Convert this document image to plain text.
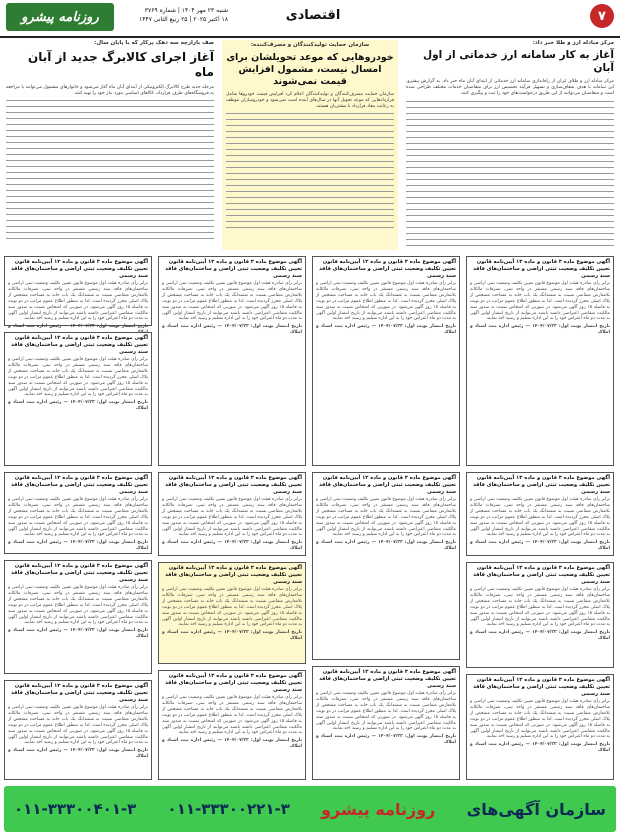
۷
اقتصادی
شنبه ۲۳ مهر ۱۴۰۴ | شماره ۳۷۶۹
۱۸ اکتبر ۲۰۲۵ | ۲۵ ربیع الثانی ۱۴۴۷
روزنامه پیشرو
مرکز مبادله ارز و طلا خبر داد:
آغاز به کار سامانه ارز خدماتی از اول آبان
مرکز مبادله ارز و طلای ایران از راه‌اندازی سامانه ارز خدماتی از ابتدای آبان ماه خبر داد. به گزارش پیشرو، این سامانه با هدف شفاف‌سازی و تسهیل فرآیند تخصیص ارز برای متقاضیان خدمات مختلف طراحی شده است و متقاضیان می‌توانند از این طریق درخواست‌های خود را ثبت و پیگیری کنند.
سازمان حمایت تولیدکنندگان و مصرف‌کننده:
خودروهایی که موعد تحویلشان برای امسال نیست، مشمول افزایش قیمت نمی‌شوند
سازمان حمایت مصرف‌کنندگان و تولیدکنندگان اعلام کرد افزایش قیمت خودروها شامل قراردادهایی که موعد تحویل آنها در سال‌های آینده است نمی‌شود و خودروسازان موظف به رعایت مفاد قرارداد با مشتریان هستند.
صف بازارچه سه دهک پرکار که با پایان سال:
آغاز اجرای کالابرگ جدید از آبان ماه
مرحله جدید طرح کالابرگ الکترونیکی از ابتدای آبان ماه آغاز می‌شود و خانوارهای مشمول می‌توانند با مراجعه به فروشگاه‌های طرف قرارداد، کالاهای اساسی مورد نیاز خود را تهیه کنند.
آگهی موضوع ماده ۳ قانون و ماده ۱۳ آیین‌نامه قانون تعیین تکلیف وضعیت ثبتی اراضی و ساختمان‌های فاقد سند رسمی
برابر رأی صادره هیئت اول موضوع قانون تعیین تکلیف وضعیت ثبتی اراضی و ساختمان‌های فاقد سند رسمی مستقر در واحد ثبتی، تصرفات مالکانه بلامعارض متقاضی نسبت به ششدانگ یک باب خانه به مساحت مشخص از پلاک اصلی محرز گردیده است. لذا به منظور اطلاع عموم مراتب در دو نوبت به فاصله ۱۵ روز آگهی می‌شود. در صورتی که اشخاص نسبت به صدور سند مالکیت متقاضی اعتراضی داشته باشند می‌توانند از تاریخ انتشار اولین آگهی به مدت دو ماه اعتراض خود را به این اداره تسلیم و رسید اخذ نمایند.
تاریخ انتشار نوبت اول: ۱۴۰۴/۰۷/۲۳ — رئیس اداره ثبت اسناد و املاک
آگهی موضوع ماده ۳ قانون و ماده ۱۳ آیین‌نامه قانون تعیین تکلیف وضعیت ثبتی اراضی و ساختمان‌های فاقد سند رسمی
برابر رأی صادره هیئت اول موضوع قانون تعیین تکلیف وضعیت ثبتی اراضی و ساختمان‌های فاقد سند رسمی مستقر در واحد ثبتی، تصرفات مالکانه بلامعارض متقاضی نسبت به ششدانگ یک باب خانه به مساحت مشخص از پلاک اصلی محرز گردیده است. لذا به منظور اطلاع عموم مراتب در دو نوبت به فاصله ۱۵ روز آگهی می‌شود. در صورتی که اشخاص نسبت به صدور سند مالکیت متقاضی اعتراضی داشته باشند می‌توانند از تاریخ انتشار اولین آگهی به مدت دو ماه اعتراض خود را به این اداره تسلیم و رسید اخذ نمایند.
تاریخ انتشار نوبت اول: ۱۴۰۴/۰۷/۲۳ — رئیس اداره ثبت اسناد و املاک
آگهی موضوع ماده ۳ قانون و ماده ۱۳ آیین‌نامه قانون تعیین تکلیف وضعیت ثبتی اراضی و ساختمان‌های فاقد سند رسمی
برابر رأی صادره هیئت اول موضوع قانون تعیین تکلیف وضعیت ثبتی اراضی و ساختمان‌های فاقد سند رسمی مستقر در واحد ثبتی، تصرفات مالکانه بلامعارض متقاضی نسبت به ششدانگ یک باب خانه به مساحت مشخص از پلاک اصلی محرز گردیده است. لذا به منظور اطلاع عموم مراتب در دو نوبت به فاصله ۱۵ روز آگهی می‌شود. در صورتی که اشخاص نسبت به صدور سند مالکیت متقاضی اعتراضی داشته باشند می‌توانند از تاریخ انتشار اولین آگهی به مدت دو ماه اعتراض خود را به این اداره تسلیم و رسید اخذ نمایند.
تاریخ انتشار نوبت اول: ۱۴۰۴/۰۷/۲۳ — رئیس اداره ثبت اسناد و املاک
آگهی موضوع ماده ۳ قانون و ماده ۱۳ آیین‌نامه قانون تعیین تکلیف وضعیت ثبتی اراضی و ساختمان‌های فاقد سند رسمی
برابر رأی صادره هیئت اول موضوع قانون تعیین تکلیف وضعیت ثبتی اراضی و ساختمان‌های فاقد سند رسمی مستقر در واحد ثبتی، تصرفات مالکانه بلامعارض متقاضی نسبت به ششدانگ یک باب خانه به مساحت مشخص از پلاک اصلی محرز گردیده است. لذا به منظور اطلاع عموم مراتب در دو نوبت به فاصله ۱۵ روز آگهی می‌شود. در صورتی که اشخاص نسبت به صدور سند مالکیت متقاضی اعتراضی داشته باشند می‌توانند از تاریخ انتشار اولین آگهی به مدت دو ماه اعتراض خود را به این اداره تسلیم و رسید اخذ نمایند.
تاریخ انتشار نوبت اول: ۱۴۰۴/۰۷/۲۳ — رئیس اداره ثبت اسناد و املاک
آگهی موضوع ماده ۳ قانون و ماده ۱۳ آیین‌نامه قانون تعیین تکلیف وضعیت ثبتی اراضی و ساختمان‌های فاقد سند رسمی
برابر رأی صادره هیئت اول موضوع قانون تعیین تکلیف وضعیت ثبتی اراضی و ساختمان‌های فاقد سند رسمی مستقر در واحد ثبتی، تصرفات مالکانه بلامعارض متقاضی نسبت به ششدانگ یک باب خانه به مساحت مشخص از پلاک اصلی محرز گردیده است. لذا به منظور اطلاع عموم مراتب در دو نوبت به فاصله ۱۵ روز آگهی می‌شود. در صورتی که اشخاص نسبت به صدور سند مالکیت متقاضی اعتراضی داشته باشند می‌توانند از تاریخ انتشار اولین آگهی به مدت دو ماه اعتراض خود را به این اداره تسلیم و رسید اخذ نمایند.
تاریخ انتشار نوبت اول: ۱۴۰۴/۰۷/۲۳ — رئیس اداره ثبت اسناد و املاک
آگهی موضوع ماده ۳ قانون و ماده ۱۳ آیین‌نامه قانون تعیین تکلیف وضعیت ثبتی اراضی و ساختمان‌های فاقد سند رسمی
برابر رأی صادره هیئت اول موضوع قانون تعیین تکلیف وضعیت ثبتی اراضی و ساختمان‌های فاقد سند رسمی مستقر در واحد ثبتی، تصرفات مالکانه بلامعارض متقاضی نسبت به ششدانگ یک باب خانه به مساحت مشخص از پلاک اصلی محرز گردیده است. لذا به منظور اطلاع عموم مراتب در دو نوبت به فاصله ۱۵ روز آگهی می‌شود. در صورتی که اشخاص نسبت به صدور سند مالکیت متقاضی اعتراضی داشته باشند می‌توانند از تاریخ انتشار اولین آگهی به مدت دو ماه اعتراض خود را به این اداره تسلیم و رسید اخذ نمایند.
تاریخ انتشار نوبت اول: ۱۴۰۴/۰۷/۲۳ — رئیس اداره ثبت اسناد و املاک
آگهی موضوع ماده ۳ قانون و ماده ۱۳ آیین‌نامه قانون تعیین تکلیف وضعیت ثبتی اراضی و ساختمان‌های فاقد سند رسمی
برابر رأی صادره هیئت اول موضوع قانون تعیین تکلیف وضعیت ثبتی اراضی و ساختمان‌های فاقد سند رسمی مستقر در واحد ثبتی، تصرفات مالکانه بلامعارض متقاضی نسبت به ششدانگ یک باب خانه به مساحت مشخص از پلاک اصلی محرز گردیده است. لذا به منظور اطلاع عموم مراتب در دو نوبت به فاصله ۱۵ روز آگهی می‌شود. در صورتی که اشخاص نسبت به صدور سند مالکیت متقاضی اعتراضی داشته باشند می‌توانند از تاریخ انتشار اولین آگهی به مدت دو ماه اعتراض خود را به این اداره تسلیم و رسید اخذ نمایند.
تاریخ انتشار نوبت اول: ۱۴۰۴/۰۷/۲۳ — رئیس اداره ثبت اسناد و املاک
آگهی موضوع ماده ۳ قانون و ماده ۱۳ آیین‌نامه قانون تعیین تکلیف وضعیت ثبتی اراضی و ساختمان‌های فاقد سند رسمی
برابر رأی صادره هیئت اول موضوع قانون تعیین تکلیف وضعیت ثبتی اراضی و ساختمان‌های فاقد سند رسمی مستقر در واحد ثبتی، تصرفات مالکانه بلامعارض متقاضی نسبت به ششدانگ یک باب خانه به مساحت مشخص از پلاک اصلی محرز گردیده است. لذا به منظور اطلاع عموم مراتب در دو نوبت به فاصله ۱۵ روز آگهی می‌شود. در صورتی که اشخاص نسبت به صدور سند مالکیت متقاضی اعتراضی داشته باشند می‌توانند از تاریخ انتشار اولین آگهی به مدت دو ماه اعتراض خود را به این اداره تسلیم و رسید اخذ نمایند.
تاریخ انتشار نوبت اول: ۱۴۰۴/۰۷/۲۳ — رئیس اداره ثبت اسناد و املاک
آگهی موضوع ماده ۳ قانون و ماده ۱۳ آیین‌نامه قانون تعیین تکلیف وضعیت ثبتی اراضی و ساختمان‌های فاقد سند رسمی
برابر رأی صادره هیئت اول موضوع قانون تعیین تکلیف وضعیت ثبتی اراضی و ساختمان‌های فاقد سند رسمی مستقر در واحد ثبتی، تصرفات مالکانه بلامعارض متقاضی نسبت به ششدانگ یک باب خانه به مساحت مشخص از پلاک اصلی محرز گردیده است. لذا به منظور اطلاع عموم مراتب در دو نوبت به فاصله ۱۵ روز آگهی می‌شود. در صورتی که اشخاص نسبت به صدور سند مالکیت متقاضی اعتراضی داشته باشند می‌توانند از تاریخ انتشار اولین آگهی به مدت دو ماه اعتراض خود را به این اداره تسلیم و رسید اخذ نمایند.
تاریخ انتشار نوبت اول: ۱۴۰۴/۰۷/۲۳ — رئیس اداره ثبت اسناد و املاک
آگهی موضوع ماده ۳ قانون و ماده ۱۳ آیین‌نامه قانون تعیین تکلیف وضعیت ثبتی اراضی و ساختمان‌های فاقد سند رسمی
برابر رأی صادره هیئت اول موضوع قانون تعیین تکلیف وضعیت ثبتی اراضی و ساختمان‌های فاقد سند رسمی مستقر در واحد ثبتی، تصرفات مالکانه بلامعارض متقاضی نسبت به ششدانگ یک باب خانه به مساحت مشخص از پلاک اصلی محرز گردیده است. لذا به منظور اطلاع عموم مراتب در دو نوبت به فاصله ۱۵ روز آگهی می‌شود. در صورتی که اشخاص نسبت به صدور سند مالکیت متقاضی اعتراضی داشته باشند می‌توانند از تاریخ انتشار اولین آگهی به مدت دو ماه اعتراض خود را به این اداره تسلیم و رسید اخذ نمایند.
تاریخ انتشار نوبت اول: ۱۴۰۴/۰۷/۲۳ — رئیس اداره ثبت اسناد و املاک
آگهی موضوع ماده ۳ قانون و ماده ۱۳ آیین‌نامه قانون تعیین تکلیف وضعیت ثبتی اراضی و ساختمان‌های فاقد سند رسمی
برابر رأی صادره هیئت اول موضوع قانون تعیین تکلیف وضعیت ثبتی اراضی و ساختمان‌های فاقد سند رسمی مستقر در واحد ثبتی، تصرفات مالکانه بلامعارض متقاضی نسبت به ششدانگ یک باب خانه به مساحت مشخص از پلاک اصلی محرز گردیده است. لذا به منظور اطلاع عموم مراتب در دو نوبت به فاصله ۱۵ روز آگهی می‌شود. در صورتی که اشخاص نسبت به صدور سند مالکیت متقاضی اعتراضی داشته باشند می‌توانند از تاریخ انتشار اولین آگهی به مدت دو ماه اعتراض خود را به این اداره تسلیم و رسید اخذ نمایند.
تاریخ انتشار نوبت اول: ۱۴۰۴/۰۷/۲۳ — رئیس اداره ثبت اسناد و املاک
آگهی موضوع ماده ۳ قانون و ماده ۱۳ آیین‌نامه قانون تعیین تکلیف وضعیت ثبتی اراضی و ساختمان‌های فاقد سند رسمی
برابر رأی صادره هیئت اول موضوع قانون تعیین تکلیف وضعیت ثبتی اراضی و ساختمان‌های فاقد سند رسمی مستقر در واحد ثبتی، تصرفات مالکانه بلامعارض متقاضی نسبت به ششدانگ یک باب خانه به مساحت مشخص از پلاک اصلی محرز گردیده است. لذا به منظور اطلاع عموم مراتب در دو نوبت به فاصله ۱۵ روز آگهی می‌شود. در صورتی که اشخاص نسبت به صدور سند مالکیت متقاضی اعتراضی داشته باشند می‌توانند از تاریخ انتشار اولین آگهی به مدت دو ماه اعتراض خود را به این اداره تسلیم و رسید اخذ نمایند.
تاریخ انتشار نوبت اول: ۱۴۰۴/۰۷/۲۳ — رئیس اداره ثبت اسناد و
آگهی موضوع ماده ۳ قانون و ماده ۱۳ آیین‌نامه قانون تعیین تکلیف وضعیت ثبتی اراضی و ساختمان‌های فاقد سند رسمی
برابر رأی صادره هیئت اول موضوع قانون تعیین تکلیف وضعیت ثبتی اراضی و ساختمان‌های فاقد سند رسمی مستقر در واحد ثبتی، تصرفات مالکانه بلامعارض متقاضی نسبت به ششدانگ یک باب خانه به مساحت مشخص از پلاک اصلی محرز گردیده است. لذا به منظور اطلاع عموم مراتب در دو نوبت به فاصله ۱۵ روز آگهی می‌شود. در صورتی که اشخاص نسبت به صدور سند مالکیت متقاضی اعتراضی داشته باشند می‌توانند از تاریخ انتشار اولین آگهی به مدت دو ماه اعتراض خود را به این اداره تسلیم و رسید اخذ نمایند.
تاریخ انتشار نوبت اول: ۱۴۰۴/۰۷/۲۳ — رئیس اداره ثبت اسناد و املاک
آگهی موضوع ماده ۳ قانون و ماده ۱۳ آیین‌نامه قانون تعیین تکلیف وضعیت ثبتی اراضی و ساختمان‌های فاقد سند رسمی
برابر رأی صادره هیئت اول موضوع قانون تعیین تکلیف وضعیت ثبتی اراضی و ساختمان‌های فاقد سند رسمی مستقر در واحد ثبتی، تصرفات مالکانه بلامعارض متقاضی نسبت به ششدانگ یک باب خانه به مساحت مشخص از پلاک اصلی محرز گردیده است. لذا به منظور اطلاع عموم مراتب در دو نوبت به فاصله ۱۵ روز آگهی می‌شود. در صورتی که اشخاص نسبت به صدور سند مالکیت متقاضی اعتراضی داشته باشند می‌توانند از تاریخ انتشار اولین آگهی به مدت دو ماه اعتراض خود را به این اداره تسلیم و رسید اخذ نمایند.
تاریخ انتشار نوبت اول: ۱۴۰۴/۰۷/۲۳ — رئیس اداره ثبت اسناد و املاک
آگهی موضوع ماده ۳ قانون و ماده ۱۳ آیین‌نامه قانون تعیین تکلیف وضعیت ثبتی اراضی و ساختمان‌های فاقد سند رسمی
برابر رأی صادره هیئت اول موضوع قانون تعیین تکلیف وضعیت ثبتی اراضی و ساختمان‌های فاقد سند رسمی مستقر در واحد ثبتی، تصرفات مالکانه بلامعارض متقاضی نسبت به ششدانگ یک باب خانه به مساحت مشخص از پلاک اصلی محرز گردیده است. لذا به منظور اطلاع عموم مراتب در دو نوبت به فاصله ۱۵ روز آگهی می‌شود. در صورتی که اشخاص نسبت به صدور سند مالکیت متقاضی اعتراضی داشته باشند می‌توانند از تاریخ انتشار اولین آگهی به مدت دو ماه اعتراض خود را به این اداره تسلیم و رسید اخذ نمایند.
تاریخ انتشار نوبت اول: ۱۴۰۴/۰۷/۲۳ — رئیس اداره ثبت اسناد و املاک
آگهی موضوع ماده ۳ قانون و ماده ۱۳ آیین‌نامه قانون تعیین تکلیف وضعیت ثبتی اراضی و ساختمان‌های فاقد سند رسمی
برابر رأی صادره هیئت اول موضوع قانون تعیین تکلیف وضعیت ثبتی اراضی و ساختمان‌های فاقد سند رسمی مستقر در واحد ثبتی، تصرفات مالکانه بلامعارض متقاضی نسبت به ششدانگ یک باب خانه به مساحت مشخص از پلاک اصلی محرز گردیده است. لذا به منظور اطلاع عموم مراتب در دو نوبت به فاصله ۱۵ روز آگهی می‌شود. در صورتی که اشخاص نسبت به صدور سند مالکیت متقاضی اعتراضی داشته باشند می‌توانند از تاریخ انتشار اولین آگهی به مدت دو ماه اعتراض خود را به این اداره تسلیم و رسید اخذ نمایند.
تاریخ انتشار نوبت اول: ۱۴۰۴/۰۷/۲۳ — رئیس اداره ثبت اسناد و املاک
سازمان آگهی‌های
روزنامه پیشرو
۰۱۱-۳۳۳۰۰۲۲۱-۳
۰۱۱-۳۳۳۰۰۴۰۱-۳
